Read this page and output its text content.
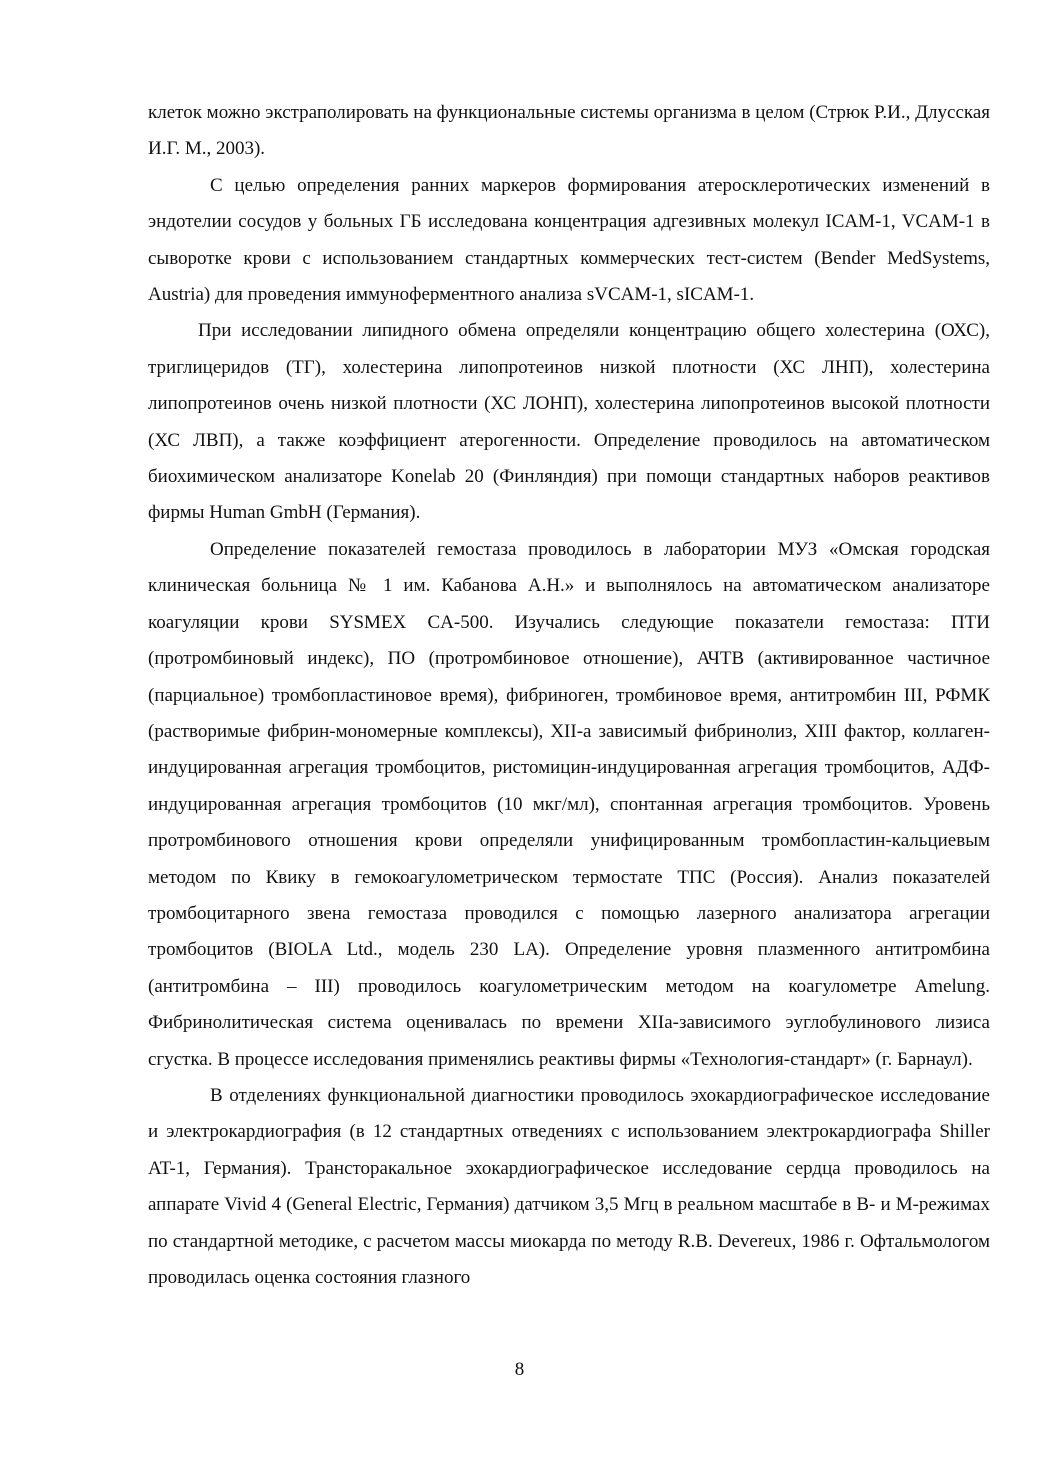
клеток можно экстраполировать на функциональные системы организма в целом (Стрюк Р.И., Длусская И.Г. М., 2003).

С целью определения ранних маркеров формирования атеросклеротических изменений в эндотелии сосудов у больных ГБ исследована концентрация адгезивных молекул ICAM-1, VCAM-1 в сыворотке крови с использованием стандартных коммерческих тест-систем (Bender MedSystems, Austria) для проведения иммуноферментного анализа sVCAM-1, sICAM-1.

При исследовании липидного обмена определяли концентрацию общего холестерина (ОХС), триглицеридов (ТГ), холестерина липопротеинов низкой плотности (ХС ЛНП), холестерина липопротеинов очень низкой плотности (ХС ЛОНП), холестерина липопротеинов высокой плотности (ХС ЛВП), а также коэффициент атерогенности. Определение проводилось на автоматическом биохимическом анализаторе Konelab 20 (Финляндия) при помощи стандартных наборов реактивов фирмы Human GmbH (Германия).

Определение показателей гемостаза проводилось в лаборатории МУЗ «Омская городская клиническая больница № 1 им. Кабанова А.Н.» и выполнялось на автоматическом анализаторе коагуляции крови SYSMEX CA-500. Изучались следующие показатели гемостаза: ПТИ (протромбиновый индекс), ПО (протромбиновое отношение), АЧТВ (активированное частичное (парциальное) тромбопластиновое время), фибриноген, тромбиновое время, антитромбин III, РФМК (растворимые фибрин-мономерные комплексы), XII-а зависимый фибринолиз, XIII фактор, коллаген-индуцированная агрегация тромбоцитов, ристомицин-индуцированная агрегация тромбоцитов, АДФ-индуцированная агрегация тромбоцитов (10 мкг/мл), спонтанная агрегация тромбоцитов. Уровень протромбинового отношения крови определяли унифицированным тромбопластин-кальциевым методом по Квику в гемокоагулометрическом термостате ТПС (Россия). Анализ показателей тромбоцитарного звена гемостаза проводился с помощью лазерного анализатора агрегации тромбоцитов (BIOLA Ltd., модель 230 LA). Определение уровня плазменного антитромбина (антитромбина – III) проводилось коагулометрическим методом на коагулометре Amelung. Фибринолитическая система оценивалась по времени XIIa-зависимого эуглобулинового лизиса сгустка. В процессе исследования применялись реактивы фирмы «Технология-стандарт» (г. Барнаул).

В отделениях функциональной диагностики проводилось эхокардиографическое исследование и электрокардиография (в 12 стандартных отведениях с использованием электрокардиографа Shiller AT-1, Германия). Трансторакальное эхокардиографическое исследование сердца проводилось на аппарате Vivid 4 (General Electric, Германия) датчиком 3,5 Мгц в реальном масштабе в B- и M-режимах по стандартной методике, с расчетом массы миокарда по методу R.B. Devereux, 1986 г. Офтальмологом проводилась оценка состояния глазного

8
